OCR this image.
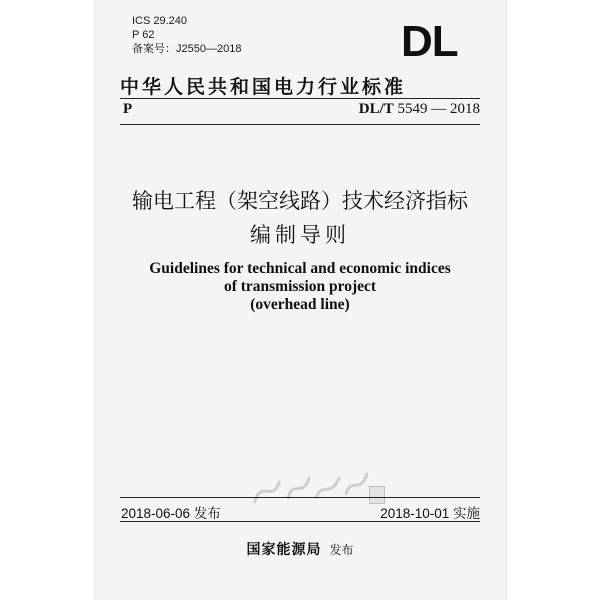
ICS 29.240
P 62
备案号：J2550—2018	DL
中华人民共和国电力行业标准
P	DL/T 5549 — 2018
输电工程（架空线路）技术经济指标
编制导则
Guidelines for technical and economic indices
of transmission project
(overhead line)
2018-06-06 发布	2018-10-01 实施
国家能源局 发布
